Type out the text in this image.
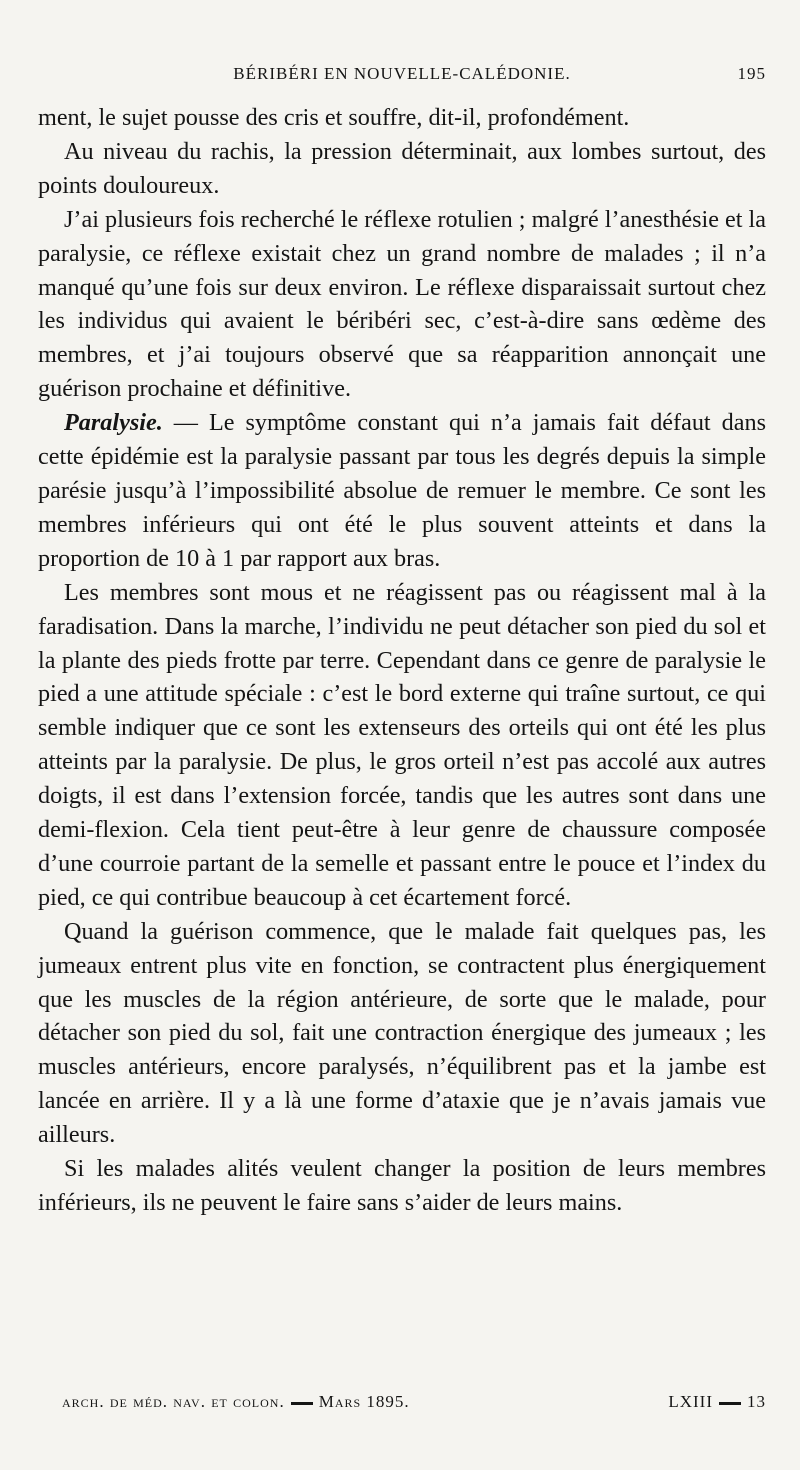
BÉRIBÉRI EN NOUVELLE-CALÉDONIE.	195

ment, le sujet pousse des cris et souffre, dit-il, profondément.

Au niveau du rachis, la pression déterminait, aux lombes surtout, des points douloureux.

J’ai plusieurs fois recherché le réflexe rotulien ; malgré l’anesthésie et la paralysie, ce réflexe existait chez un grand nombre de malades ; il n’a manqué qu’une fois sur deux environ. Le réflexe disparaissait surtout chez les individus qui avaient le béribéri sec, c’est-à-dire sans œdème des membres, et j’ai toujours observé que sa réapparition annonçait une guérison prochaine et définitive.

Paralysie. — Le symptôme constant qui n’a jamais fait défaut dans cette épidémie est la paralysie passant par tous les degrés depuis la simple parésie jusqu’à l’impossibilité absolue de remuer le membre. Ce sont les membres inférieurs qui ont été le plus souvent atteints et dans la proportion de 10 à 1 par rapport aux bras.

Les membres sont mous et ne réagissent pas ou réagissent mal à la faradisation. Dans la marche, l’individu ne peut détacher son pied du sol et la plante des pieds frotte par terre. Cependant dans ce genre de paralysie le pied a une attitude spéciale : c’est le bord externe qui traîne surtout, ce qui semble indiquer que ce sont les extenseurs des orteils qui ont été les plus atteints par la paralysie. De plus, le gros orteil n’est pas accolé aux autres doigts, il est dans l’extension forcée, tandis que les autres sont dans une demi-flexion. Cela tient peut-être à leur genre de chaussure composée d’une courroie partant de la semelle et passant entre le pouce et l’index du pied, ce qui contribue beaucoup à cet écartement forcé.

Quand la guérison commence, que le malade fait quelques pas, les jumeaux entrent plus vite en fonction, se contractent plus énergiquement que les muscles de la région antérieure, de sorte que le malade, pour détacher son pied du sol, fait une contraction énergique des jumeaux ; les muscles antérieurs, encore paralysés, n’équilibrent pas et la jambe est lancée en arrière. Il y a là une forme d’ataxie que je n’avais jamais vue ailleurs.

Si les malades alités veulent changer la position de leurs membres inférieurs, ils ne peuvent le faire sans s’aider de leurs mains.

arch. de méd. nav. et colon. Mars 1895.	LXIII 13
